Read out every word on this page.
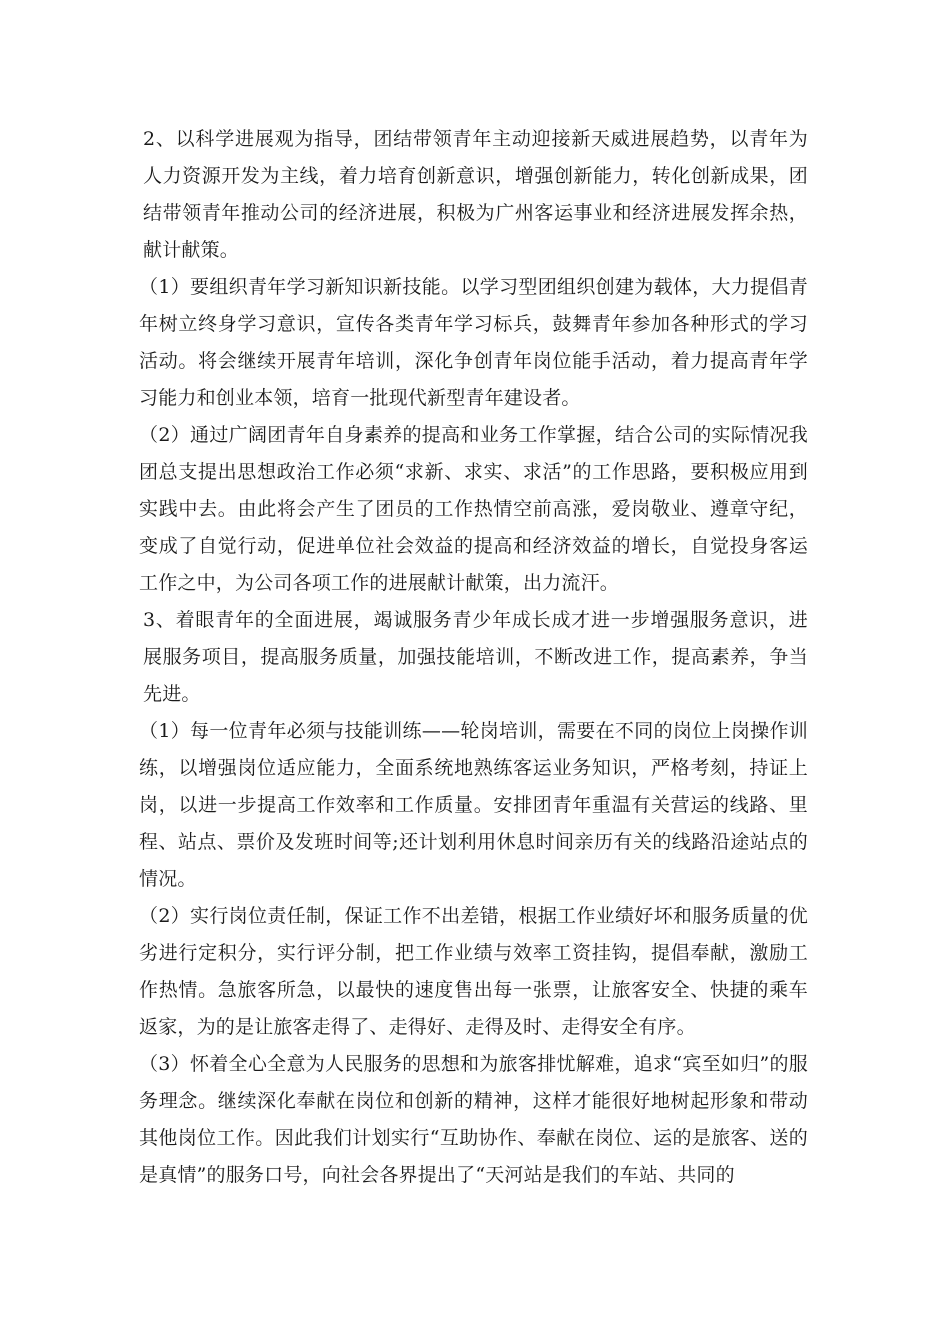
2、以科学进展观为指导，团结带领青年主动迎接新天威进展趋势，以青年为人力资源开发为主线，着力培育创新意识，增强创新能力，转化创新成果，团结带领青年推动公司的经济进展，积极为广州客运事业和经济进展发挥余热，献计献策。

（1）要组织青年学习新知识新技能。以学习型团组织创建为载体，大力提倡青年树立终身学习意识，宣传各类青年学习标兵，鼓舞青年参加各种形式的学习活动。将会继续开展青年培训，深化争创青年岗位能手活动，着力提高青年学习能力和创业本领，培育一批现代新型青年建设者。

（2）通过广阔团青年自身素养的提高和业务工作掌握，结合公司的实际情况我团总支提出思想政治工作必须“求新、求实、求活”的工作思路，要积极应用到实践中去。由此将会产生了团员的工作热情空前高涨，爱岗敬业、遵章守纪，变成了自觉行动，促进单位社会效益的提高和经济效益的增长，自觉投身客运工作之中，为公司各项工作的进展献计献策，出力流汗。

3、着眼青年的全面进展，竭诚服务青少年成长成才进一步增强服务意识，进展服务项目，提高服务质量，加强技能培训，不断改进工作，提高素养，争当先进。

（1）每一位青年必须与技能训练——轮岗培训，需要在不同的岗位上岗操作训练，以增强岗位适应能力，全面系统地熟练客运业务知识，严格考刻，持证上岗，以进一步提高工作效率和工作质量。安排团青年重温有关营运的线路、里程、站点、票价及发班时间等;还计划利用休息时间亲历有关的线路沿途站点的情况。

（2）实行岗位责任制，保证工作不出差错，根据工作业绩好坏和服务质量的优劣进行定积分，实行评分制，把工作业绩与效率工资挂钩，提倡奉献，激励工作热情。急旅客所急，以最快的速度售出每一张票，让旅客安全、快捷的乘车返家，为的是让旅客走得了、走得好、走得及时、走得安全有序。

（3）怀着全心全意为人民服务的思想和为旅客排忧解难，追求“宾至如归”的服务理念。继续深化奉献在岗位和创新的精神，这样才能很好地树起形象和带动其他岗位工作。因此我们计划实行“互助协作、奉献在岗位、运的是旅客、送的是真情”的服务口号，向社会各界提出了“天河站是我们的车站、共同的
